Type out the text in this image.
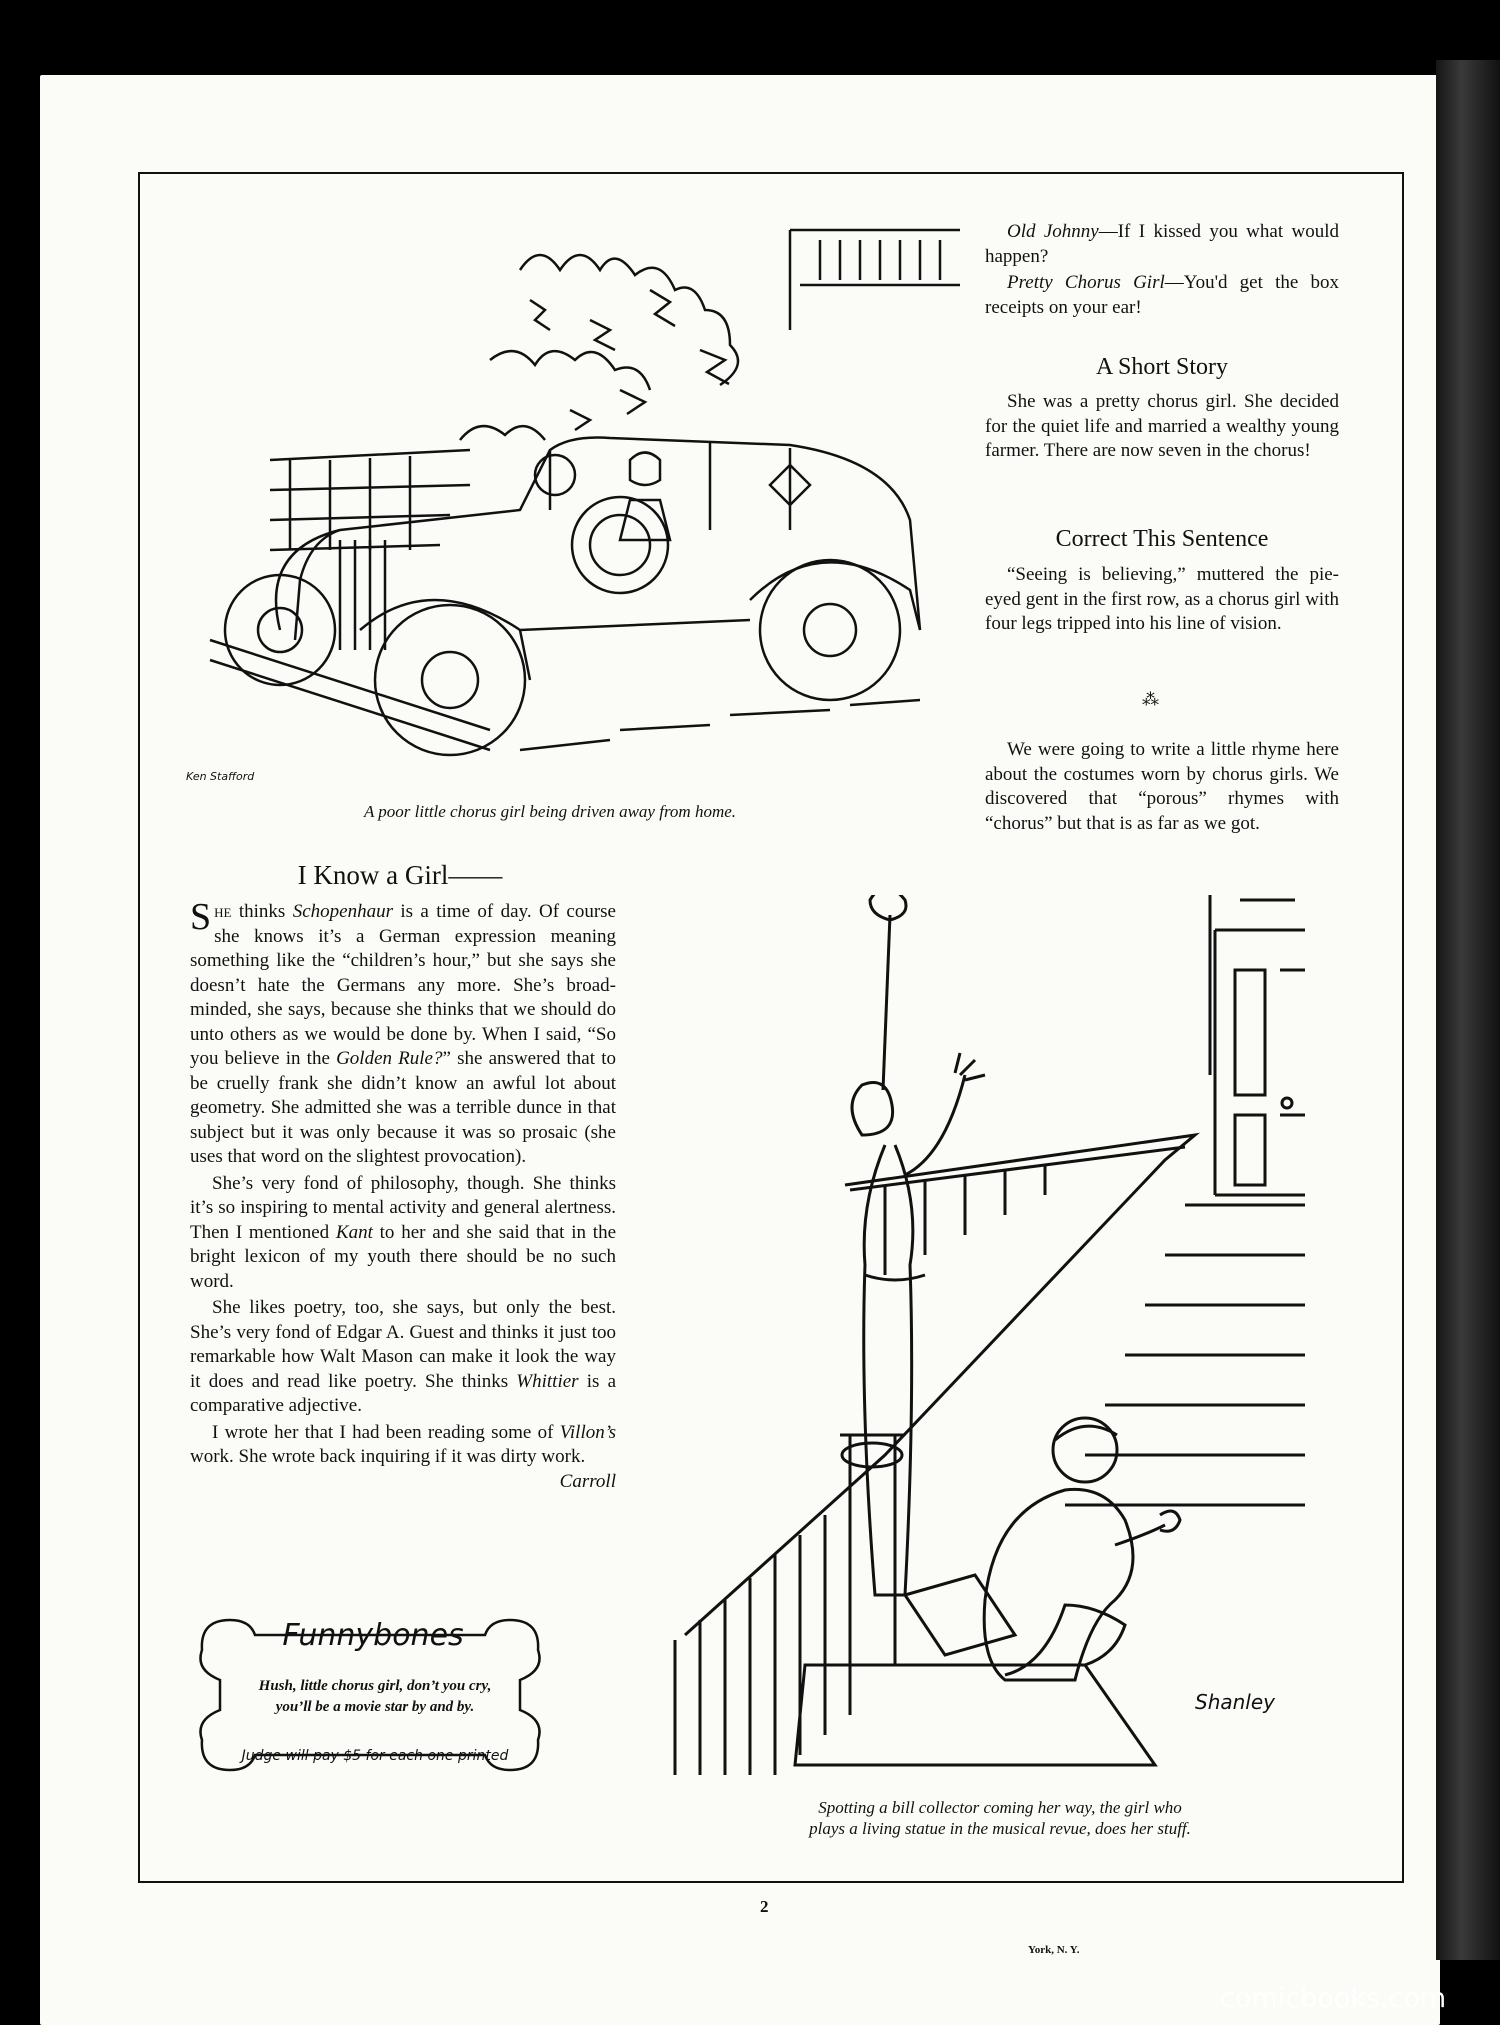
Ken Stafford
A poor little chorus girl being driven away from home.

Old Johnny—If I kissed you what would happen?

Pretty Chorus Girl—You'd get the box receipts on your ear!

A Short Story

She was a pretty chorus girl. She decided for the quiet life and married a wealthy young farmer. There are now seven in the chorus!

Correct This Sentence

“Seeing is believing,” muttered the pie-eyed gent in the first row, as a chorus girl with four legs tripped into his line of vision.

⁂

We were going to write a little rhyme here about the costumes worn by chorus girls. We discovered that “porous” rhymes with “chorus” but that is as far as we got.

I Know a Girl——

She thinks Schopenhaur is a time of day. Of course she knows it’s a German expression meaning something like the “children’s hour,” but she says she doesn’t hate the Germans any more. She’s broad-minded, she says, because she thinks that we should do unto others as we would be done by. When I said, “So you believe in the Golden Rule?” she answered that to be cruelly frank she didn’t know an awful lot about geometry. She admitted she was a terrible dunce in that subject but it was only because it was so prosaic (she uses that word on the slightest provocation).

She’s very fond of philosophy, though. She thinks it’s so inspiring to mental activity and general alertness. Then I mentioned Kant to her and she said that in the bright lexicon of my youth there should be no such word.

She likes poetry, too, she says, but only the best. She’s very fond of Edgar A. Guest and thinks it just too remarkable how Walt Mason can make it look the way it does and read like poetry. She thinks Whittier is a comparative adjective.

I wrote her that I had been reading some of Villon’s work. She wrote back inquiring if it was dirty work.
Carroll

Funnybones
Hush, little chorus girl, don’t you cry,
you’ll be a movie star by and by.
Judge will pay $5 for each one printed
Shanley
Spotting a bill collector coming her way, the girl who
plays a living statue in the musical revue, does her stuff.
2
York, N. Y.
comicbooks.com
